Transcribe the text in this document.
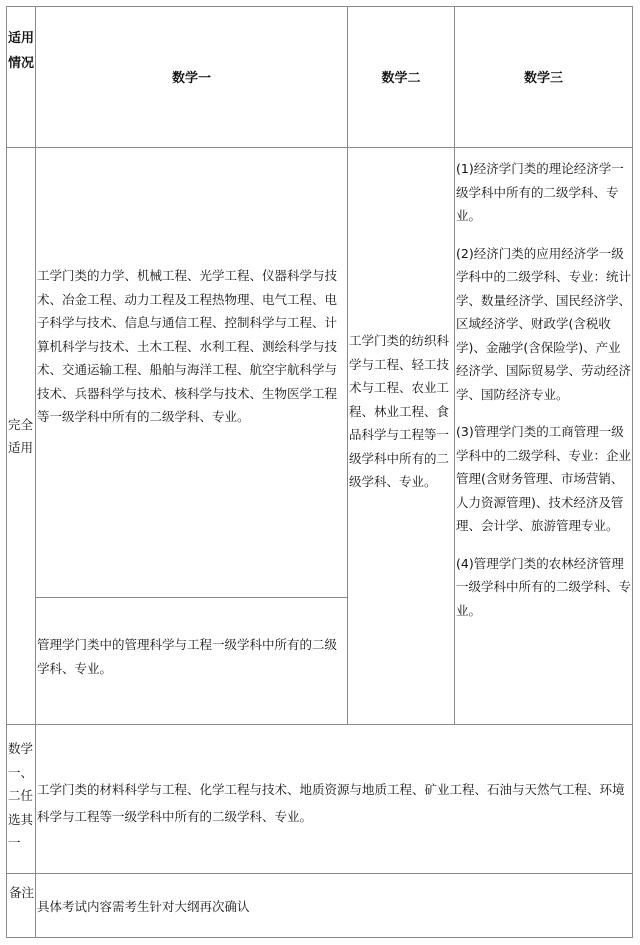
适用情况
数学一	数学二	数学三
完全适用
工学门类的力学、机械工程、光学工程、仪器科学与技术、冶金工程、动力工程及工程热物理、电气工程、电子科学与技术、信息与通信工程、控制科学与工程、计算机科学与技术、土木工程、水利工程、测绘科学与技术、交通运输工程、船舶与海洋工程、航空宇航科学与技术、兵器科学与技术、核科学与技术、生物医学工程等一级学科中所有的二级学科、专业。
管理学门类中的管理科学与工程一级学科中所有的二级学科、专业。
工学门类的纺织科学与工程、轻工技术与工程、农业工程、林业工程、食品科学与工程等一级学科中所有的二级学科、专业。

(1)经济学门类的理论经济学一级学科中所有的二级学科、专业。

(2)经济门类的应用经济学一级学科中的二级学科、专业：统计学、数量经济学、国民经济学、区域经济学、财政学(含税收学)、金融学(含保险学)、产业经济学、国际贸易学、劳动经济学、国防经济专业。

(3)管理学门类的工商管理一级学科中的二级学科、专业：企业管理(含财务管理、市场营销、人力资源管理)、技术经济及管理、会计学、旅游管理专业。

(4)管理学门类的农林经济管理一级学科中所有的二级学科、专业。

数学一、二任选其一
工学门类的材料科学与工程、化学工程与技术、地质资源与地质工程、矿业工程、石油与天然气工程、环境科学与工程等一级学科中所有的二级学科、专业。
备注
具体考试内容需考生针对大纲再次确认
